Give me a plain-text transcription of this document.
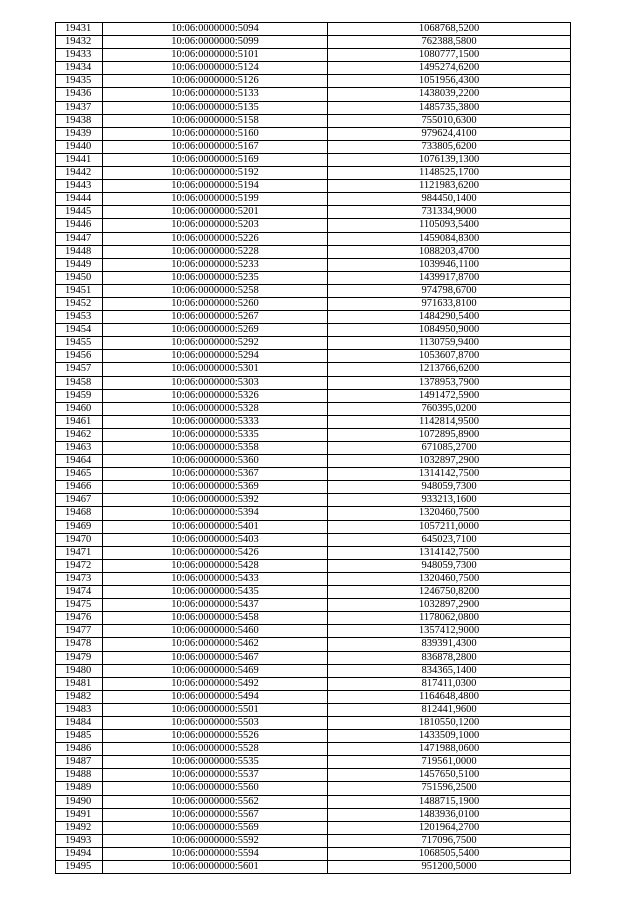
19431	10:06:0000000:5094	1068768,5200
19432	10:06:0000000:5099	762388,5800
19433	10:06:0000000:5101	1080777,1500
19434	10:06:0000000:5124	1495274,6200
19435	10:06:0000000:5126	1051956,4300
19436	10:06:0000000:5133	1438039,2200
19437	10:06:0000000:5135	1485735,3800
19438	10:06:0000000:5158	755010,6300
19439	10:06:0000000:5160	979624,4100
19440	10:06:0000000:5167	733805,6200
19441	10:06:0000000:5169	1076139,1300
19442	10:06:0000000:5192	1148525,1700
19443	10:06:0000000:5194	1121983,6200
19444	10:06:0000000:5199	984450,1400
19445	10:06:0000000:5201	731334,9000
19446	10:06:0000000:5203	1105093,5400
19447	10:06:0000000:5226	1459084,8300
19448	10:06:0000000:5228	1088203,4700
19449	10:06:0000000:5233	1039946,1100
19450	10:06:0000000:5235	1439917,8700
19451	10:06:0000000:5258	974798,6700
19452	10:06:0000000:5260	971633,8100
19453	10:06:0000000:5267	1484290,5400
19454	10:06:0000000:5269	1084950,9000
19455	10:06:0000000:5292	1130759,9400
19456	10:06:0000000:5294	1053607,8700
19457	10:06:0000000:5301	1213766,6200
19458	10:06:0000000:5303	1378953,7900
19459	10:06:0000000:5326	1491472,5900
19460	10:06:0000000:5328	760395,0200
19461	10:06:0000000:5333	1142814,9500
19462	10:06:0000000:5335	1072895,8900
19463	10:06:0000000:5358	671085,2700
19464	10:06:0000000:5360	1032897,2900
19465	10:06:0000000:5367	1314142,7500
19466	10:06:0000000:5369	948059,7300
19467	10:06:0000000:5392	933213,1600
19468	10:06:0000000:5394	1320460,7500
19469	10:06:0000000:5401	1057211,0000
19470	10:06:0000000:5403	645023,7100
19471	10:06:0000000:5426	1314142,7500
19472	10:06:0000000:5428	948059,7300
19473	10:06:0000000:5433	1320460,7500
19474	10:06:0000000:5435	1246750,8200
19475	10:06:0000000:5437	1032897,2900
19476	10:06:0000000:5458	1178062,0800
19477	10:06:0000000:5460	1357412,9000
19478	10:06:0000000:5462	839391,4300
19479	10:06:0000000:5467	836878,2800
19480	10:06:0000000:5469	834365,1400
19481	10:06:0000000:5492	817411,0300
19482	10:06:0000000:5494	1164648,4800
19483	10:06:0000000:5501	812441,9600
19484	10:06:0000000:5503	1810550,1200
19485	10:06:0000000:5526	1433509,1000
19486	10:06:0000000:5528	1471988,0600
19487	10:06:0000000:5535	719561,0000
19488	10:06:0000000:5537	1457650,5100
19489	10:06:0000000:5560	751596,2500
19490	10:06:0000000:5562	1488715,1900
19491	10:06:0000000:5567	1483936,0100
19492	10:06:0000000:5569	1201964,2700
19493	10:06:0000000:5592	717096,7500
19494	10:06:0000000:5594	1068505,5400
19495	10:06:0000000:5601	951200,5000
